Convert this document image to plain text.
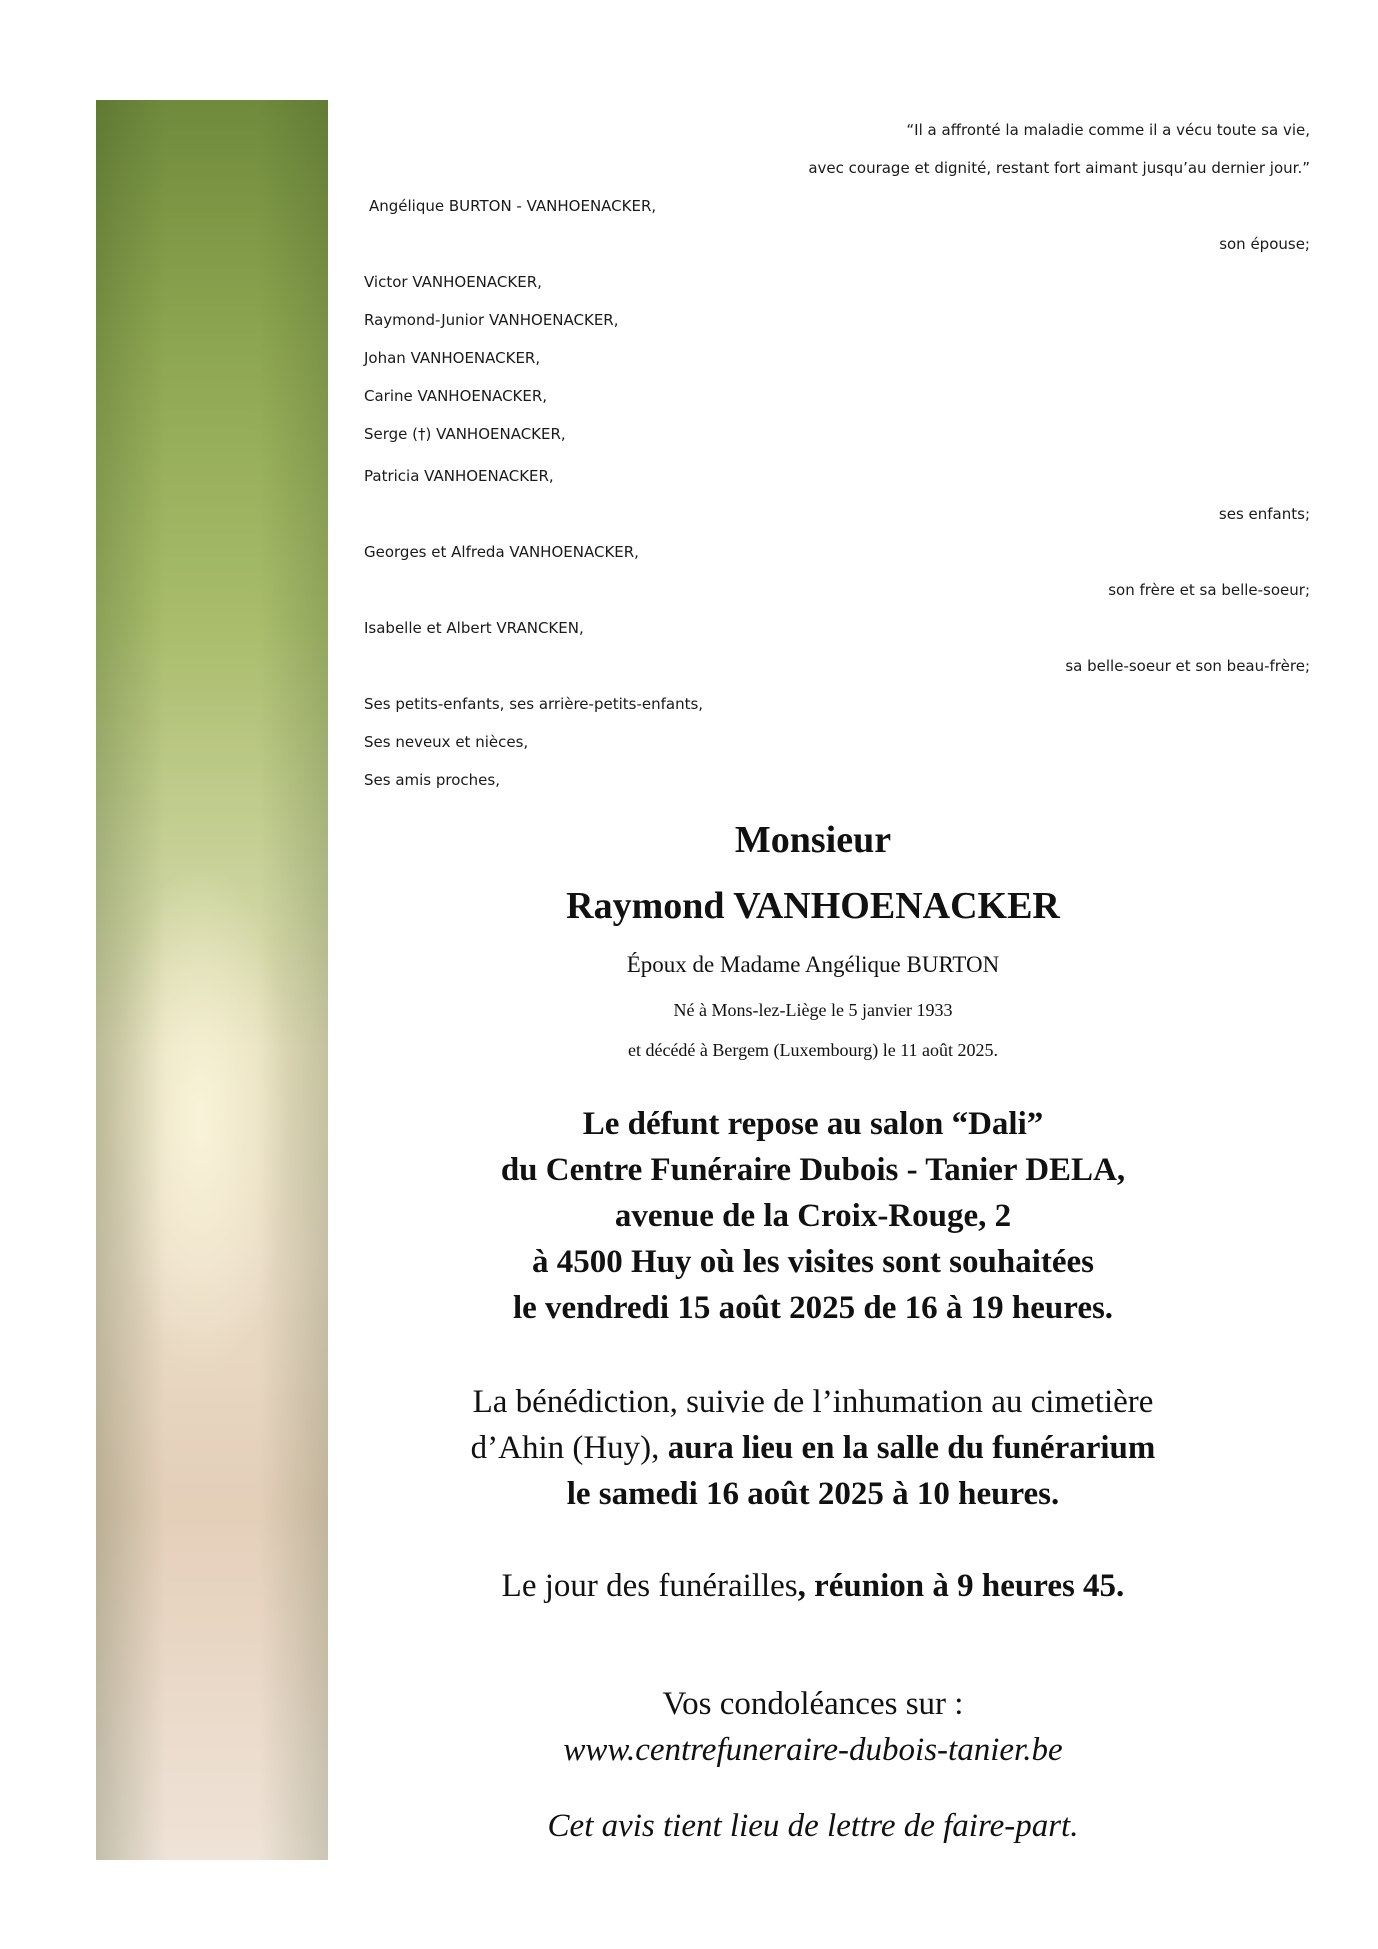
“Il a affronté la maladie comme il a vécu toute sa vie,
avec courage et dignité, restant fort aimant jusqu’au dernier jour.”
Angélique BURTON - VANHOENACKER,
son épouse;
Victor VANHOENACKER,
Raymond-Junior VANHOENACKER,
Johan VANHOENACKER,
Carine VANHOENACKER,
Serge (†) VANHOENACKER,
Patricia VANHOENACKER,
ses enfants;
Georges et Alfreda VANHOENACKER,
son frère et sa belle-soeur;
Isabelle et Albert VRANCKEN,
sa belle-soeur et son beau-frère;
Ses petits-enfants, ses arrière-petits-enfants,
Ses neveux et nièces,
Ses amis proches,
Monsieur
Raymond VANHOENACKER
Époux de Madame Angélique BURTON
Né à Mons-lez-Liège le 5 janvier 1933
et décédé à Bergem (Luxembourg) le 11 août 2025.
Le défunt repose au salon “Dali”
du Centre Funéraire Dubois - Tanier DELA,
avenue de la Croix-Rouge, 2
à 4500 Huy où les visites sont souhaitées
le vendredi 15 août 2025 de 16 à 19 heures.
La bénédiction, suivie de l’inhumation au cimetière
d’Ahin (Huy), aura lieu en la salle du funérarium
le samedi 16 août 2025 à 10 heures.
Le jour des funérailles, réunion à 9 heures 45.
Vos condoléances sur :
www.centrefuneraire-dubois-tanier.be
Cet avis tient lieu de lettre de faire-part.
